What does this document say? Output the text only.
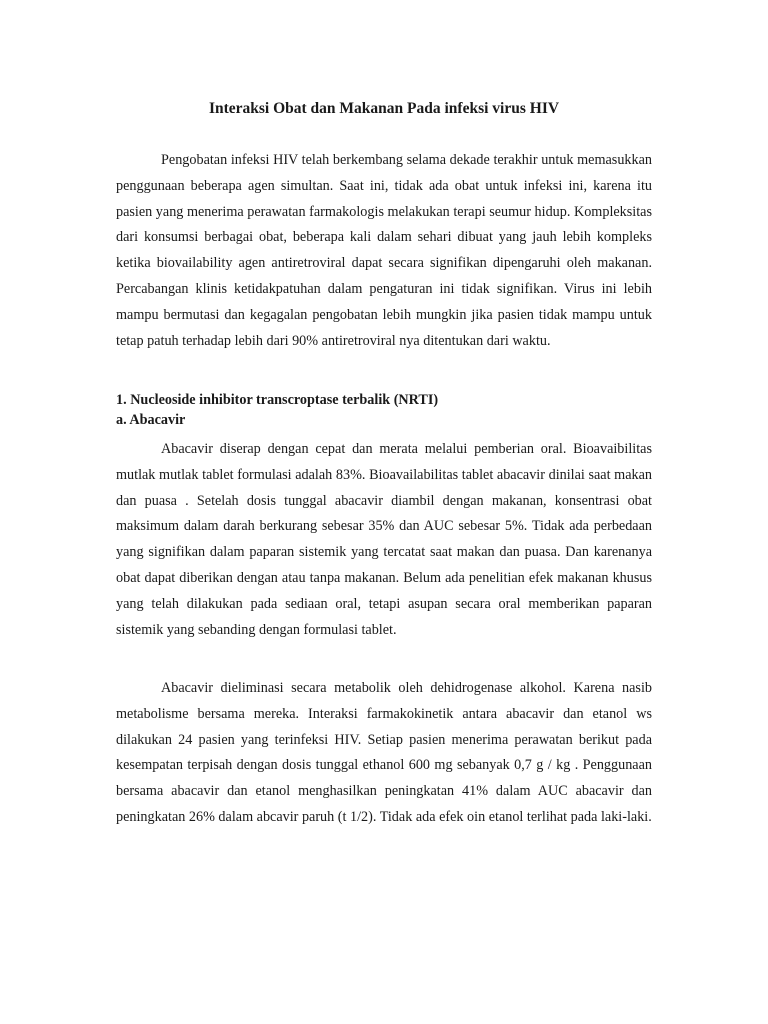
Interaksi Obat dan Makanan Pada infeksi virus HIV

Pengobatan infeksi HIV telah berkembang selama dekade terakhir untuk memasukkan penggunaan beberapa agen simultan. Saat ini, tidak ada obat untuk infeksi ini, karena itu pasien yang menerima perawatan farmakologis melakukan terapi seumur hidup. Kompleksitas dari konsumsi berbagai obat, beberapa kali dalam sehari dibuat yang jauh lebih kompleks ketika biovailability agen antiretroviral dapat secara signifikan dipengaruhi oleh makanan. Percabangan klinis ketidakpatuhan dalam pengaturan ini tidak signifikan. Virus ini lebih mampu bermutasi dan kegagalan pengobatan lebih mungkin jika pasien tidak mampu untuk tetap patuh terhadap lebih dari 90% antiretroviral nya ditentukan dari waktu.

1. Nucleoside inhibitor transcroptase terbalik (NRTI)
a. Abacavir

Abacavir diserap dengan cepat dan merata melalui pemberian oral. Bioavaibilitas mutlak mutlak tablet formulasi adalah 83%. Bioavailabilitas tablet abacavir dinilai saat makan dan puasa . Setelah dosis tunggal abacavir diambil dengan makanan, konsentrasi obat maksimum dalam darah berkurang sebesar 35% dan AUC sebesar 5%. Tidak ada perbedaan yang signifikan dalam paparan sistemik yang tercatat saat makan dan puasa. Dan karenanya obat dapat diberikan dengan atau tanpa makanan. Belum ada penelitian efek makanan khusus yang telah dilakukan pada sediaan oral, tetapi asupan secara oral memberikan paparan sistemik yang sebanding dengan formulasi tablet.

Abacavir dieliminasi secara metabolik oleh dehidrogenase alkohol. Karena nasib metabolisme bersama mereka. Interaksi farmakokinetik antara abacavir dan etanol ws dilakukan 24 pasien yang terinfeksi HIV. Setiap pasien menerima perawatan berikut pada kesempatan terpisah dengan dosis tunggal ethanol 600 mg sebanyak 0,7 g / kg . Penggunaan bersama abacavir dan etanol menghasilkan peningkatan 41% dalam AUC abacavir dan peningkatan 26% dalam abcavir paruh (t 1/2). Tidak ada efek oin etanol terlihat pada laki-laki.
